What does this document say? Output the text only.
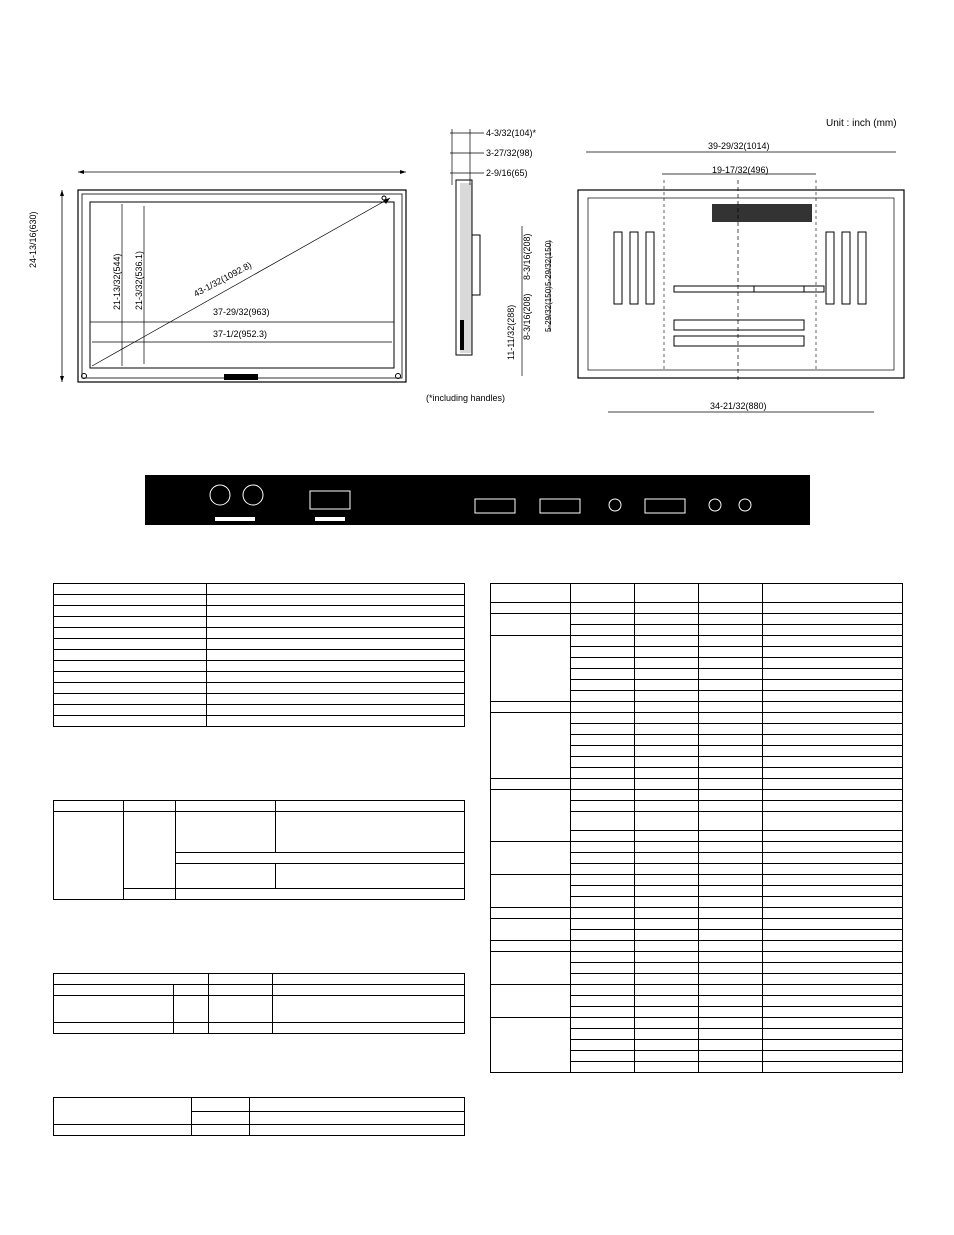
Unit : inch (mm)
24-13/16(630)
21-13/32(544) 21-3/32(536.1)	43-1/32(1092.8)
37-29/32(963)
37-1/2(952.3)
4-3/32(104)*
3-27/32(98)
2-9/16(65)
(*including handles)
39-29/32(1014)
19-17/32(496)
34-21/32(880)
8-3/16(208)
8-3/16(208)
11-11/32(288)
5-29/32(150)
5-29/32(150)
